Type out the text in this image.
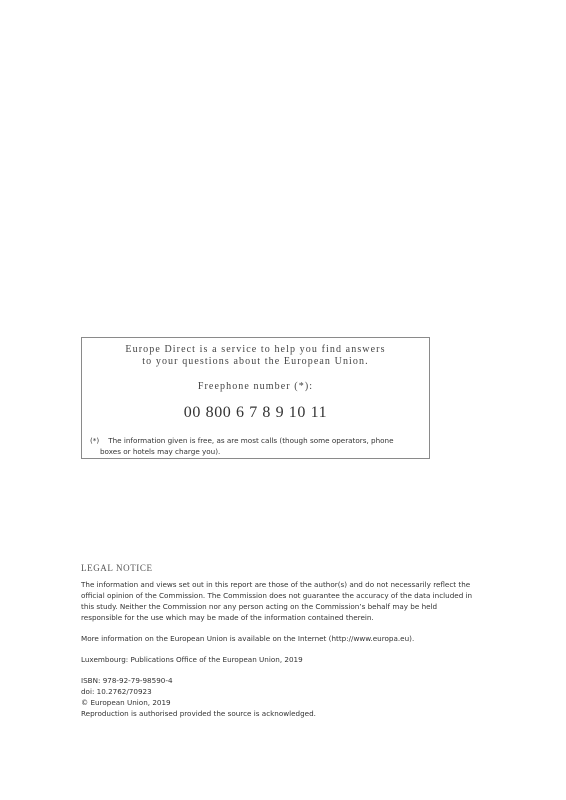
Europe Direct is a service to help you find answers
to your questions about the European Union.

Freephone number (*):

00 800 6 7 8 9 10 11

(*) The information given is free, as are most calls (though some operators, phone
boxes or hotels may charge you).

LEGAL NOTICE

The information and views set out in this report are those of the author(s) and do not necessarily reflect the
official opinion of the Commission. The Commission does not guarantee the accuracy of the data included in
this study. Neither the Commission nor any person acting on the Commission’s behalf may be held
responsible for the use which may be made of the information contained therein.

More information on the European Union is available on the Internet (http://www.europa.eu).

Luxembourg: Publications Office of the European Union, 2019

ISBN: 978-92-79-98590-4
doi: 10.2762/70923
© European Union, 2019
Reproduction is authorised provided the source is acknowledged.
